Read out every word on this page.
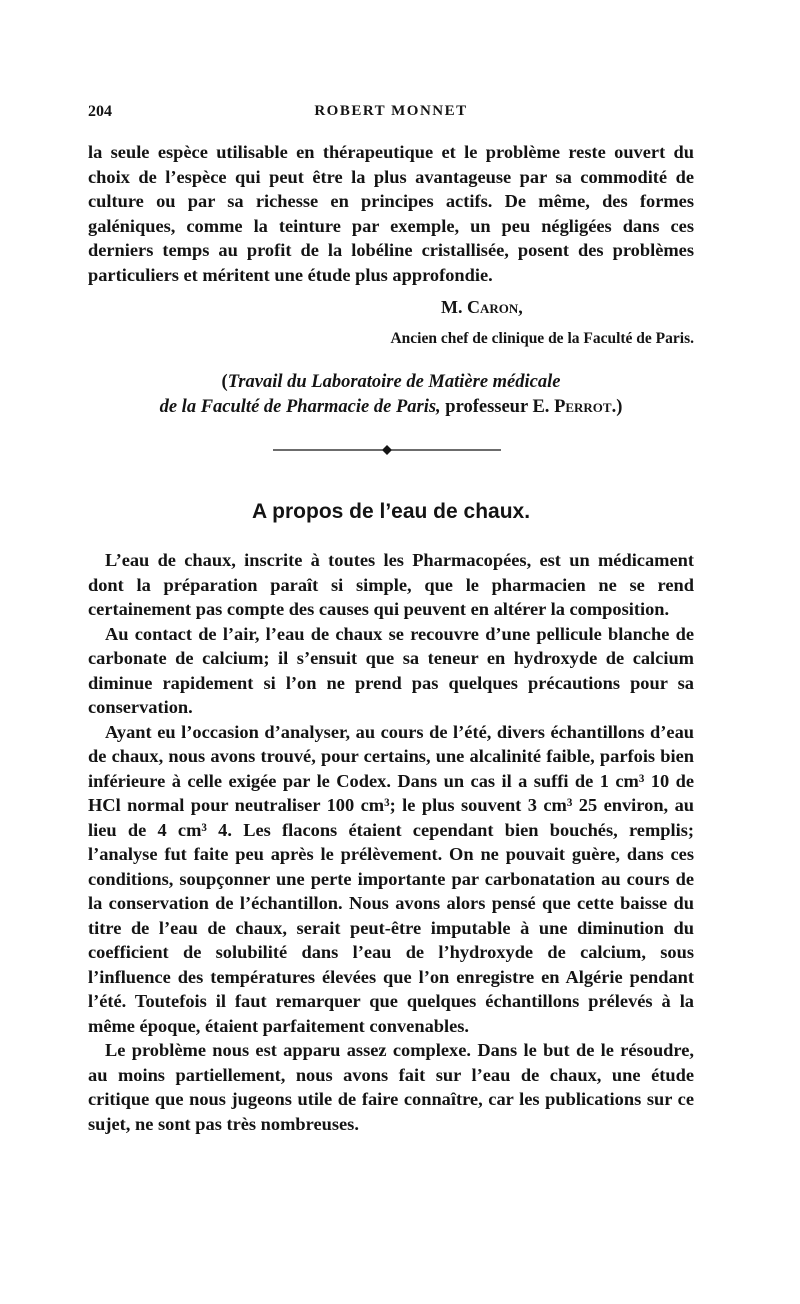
204	ROBERT MONNET

la seule espèce utilisable en thérapeutique et le problème reste ouvert du choix de l’espèce qui peut être la plus avantageuse par sa commodité de culture ou par sa richesse en principes actifs. De même, des formes galéniques, comme la teinture par exemple, un peu négligées dans ces derniers temps au profit de la lobéline cristallisée, posent des problèmes particuliers et méritent une étude plus approfondie.

M. Caron,
Ancien chef de clinique de la Faculté de Paris.
(Travail du Laboratoire de Matière médicale
de la Faculté de Pharmacie de Paris, professeur E. Perrot.)
A propos de l’eau de chaux.

L’eau de chaux, inscrite à toutes les Pharmacopées, est un médicament dont la préparation paraît si simple, que le pharmacien ne se rend certainement pas compte des causes qui peuvent en altérer la composition.

Au contact de l’air, l’eau de chaux se recouvre d’une pellicule blanche de carbonate de calcium; il s’ensuit que sa teneur en hydroxyde de calcium diminue rapidement si l’on ne prend pas quelques précautions pour sa conservation.

Ayant eu l’occasion d’analyser, au cours de l’été, divers échantillons d’eau de chaux, nous avons trouvé, pour certains, une alcalinité faible, parfois bien inférieure à celle exigée par le Codex. Dans un cas il a suffi de 1 cm³ 10 de HCl normal pour neutraliser 100 cm³; le plus souvent 3 cm³ 25 environ, au lieu de 4 cm³ 4. Les flacons étaient cependant bien bouchés, remplis; l’analyse fut faite peu après le prélèvement. On ne pouvait guère, dans ces conditions, soupçonner une perte importante par carbonatation au cours de la conservation de l’échantillon. Nous avons alors pensé que cette baisse du titre de l’eau de chaux, serait peut-être imputable à une diminution du coefficient de solubilité dans l’eau de l’hydroxyde de calcium, sous l’influence des températures élevées que l’on enregistre en Algérie pendant l’été. Toutefois il faut remarquer que quelques échantillons prélevés à la même époque, étaient parfaitement convenables.

Le problème nous est apparu assez complexe. Dans le but de le résoudre, au moins partiellement, nous avons fait sur l’eau de chaux, une étude critique que nous jugeons utile de faire connaître, car les publications sur ce sujet, ne sont pas très nombreuses.
